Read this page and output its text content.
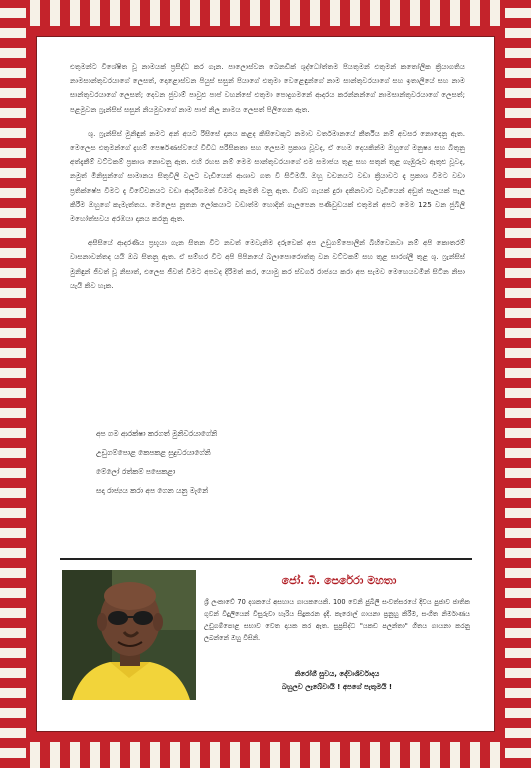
එතුමන්ට විශේෂිත වූ නාමයක් ප්‍රසිද්ධ කර ගැන. පාලොස්වන බෙනඩික් ශුද්ධෝත්තම පියතුමන් එතුමන් කතෝලික ක්‍රියාගතිය නාමසාන්තුවරයාගේ ලෙසත්, දොළොස්වන පියුස් සසුන් පියාගේ එතුමා වෙළෙඳුන්ගේ නාම සාන්තුවරයාගේ සහ ඉතාලියේ සහ නාම සාන්තුවරයාගේ ලෙසත්; දෙවන ජුවාම් පාවුළු පාප් වහන්සේ එතුමා පොදුගමනේ ආදරය කරන්නන්ගේ නාමසාන්තුවරයාගේ ලෙසත්; පළමුවන ෆ්‍රැන්සිස් සසුන් නියමුවාගේ නාම පාප් නිල නාමය ලෙසත් පිලිගෙන ඇත.

ශු. ෆ්‍රැන්සිස් මුනිඳුන් නමට අන් අයට රිසිසේ දානය කළද කිසිවෙකුට නමාව වර්තමානයේ කීර්තිය නම් අවසර නොදෙනු ඇත. මෙලෙස එතුමන්ගේ දැහම් පෙර්ෂණස්වයේ විවිධ පරිසිකතා සහ ලෙසම ප්‍රකාශ වූවද, ඒ හෙම දෙයකින්ම ඔහුගේ මනුෂ්‍ය සහ බිතුනු අත්දැකීම් වට්ටකම් ප්‍රකාශ නොවනු ඇත. එහි රහස නම් මෙම සාන්තුවරයාගේ එම සමාජය තුළ සහ සතුන් තුළ ගැඹුරුව ඇතුළු වූවද, නමුත් මිනිසුන්ගේ සාමානය සිතුවිලි වලට වැඩියෙන් ආශාව ගත වී සිටිමයි. ඔහු වචනයට වඩා ක්‍රියාවට දැ ප්‍රකාශ විමට වඩා ප්‍රතික්ෂේප විමට දැ විවේචනයට වඩා ආදරිගමන් වීමටද කැමති වනු ඇත. විශ්ව ගැයක් දුරා දකිනවාට වැඩියෙන් අඩුත් පැලයක් පැල කිරීම ඔහුගේ කැමැත්තය. මෙලෙස නූතන ලෝකයාට වඩාත්ම හොදින් ගැලපෙන පණිවුඩයක් එතුමන් අපට මෙම 125 වන ජුබිලි මහෝත්සවය අරඹයා දානය කරනු ඇත.

අසීසියේ ආදරණීය ප්‍රභූයා ගැන සිතන විට නවත් මෙවැනිම දරුවෙක් අප උඩුගම්පොලින් බිහිවෙනවා නම් අපි කොතරම් වාසනාවන්තද යයි ඔබ සිතනු ඇත. ඒ සම්හර විට අපි පිපිනයේ බලාපොරොත්තු වන වට්ටකම් සහ තුළ සාරශ්ලී තුළ ශු. ෆ්‍රැන්සිස් මුනිඳුන් ජිවත් වූ නිසාත්, එලෙස ජීවත් විමට අපවද දිරිමත් කර, යොමු කර ස්වර්ග රාජ්‍යය කරා අප සැමව මෙහෙයවමින් සිටින නිසා යැයි කිව හැක.

අප ගම ආරක්ෂා කරගත් මුනිවරයාගේනි
උඩුගම්පොළ කෙපකළ සුදුවරයාගේනි
මේලෝ රත්කම් පසෙකළා
සදා රාජ්‍යය කරා අප ගෙන යනු මැනේ
ජෝ. බී. පෙරේරා මහතා
ශ්‍රී ලංකාවේ 70 දශකයේ අසහාය ගායකයෙකි. 100 වෙනි ජුබිලි සංවත්සරයේ දිවය පුජාව ජාතික ගුවන් විදුලියෙන් විසුරුවා හැරිය සිදුකරන දැදී. කැරොල් ගායනා ප්‍රනුහු කිරීම, සංගීත නිර්මාණය උඩුගම්පොළ සභාව වෙත දායක කර ඇත. සුප්‍රසිද්ධ "යකඩ පලන්තා" ගීතය ගායනා කරනු ලබන්නේ ඔහු විසිනි.
නිරෝගී සුවය, දේවාශිර්වාදය
බහුලව ලැබේවායි ! අපගේ පැතුමයි !
